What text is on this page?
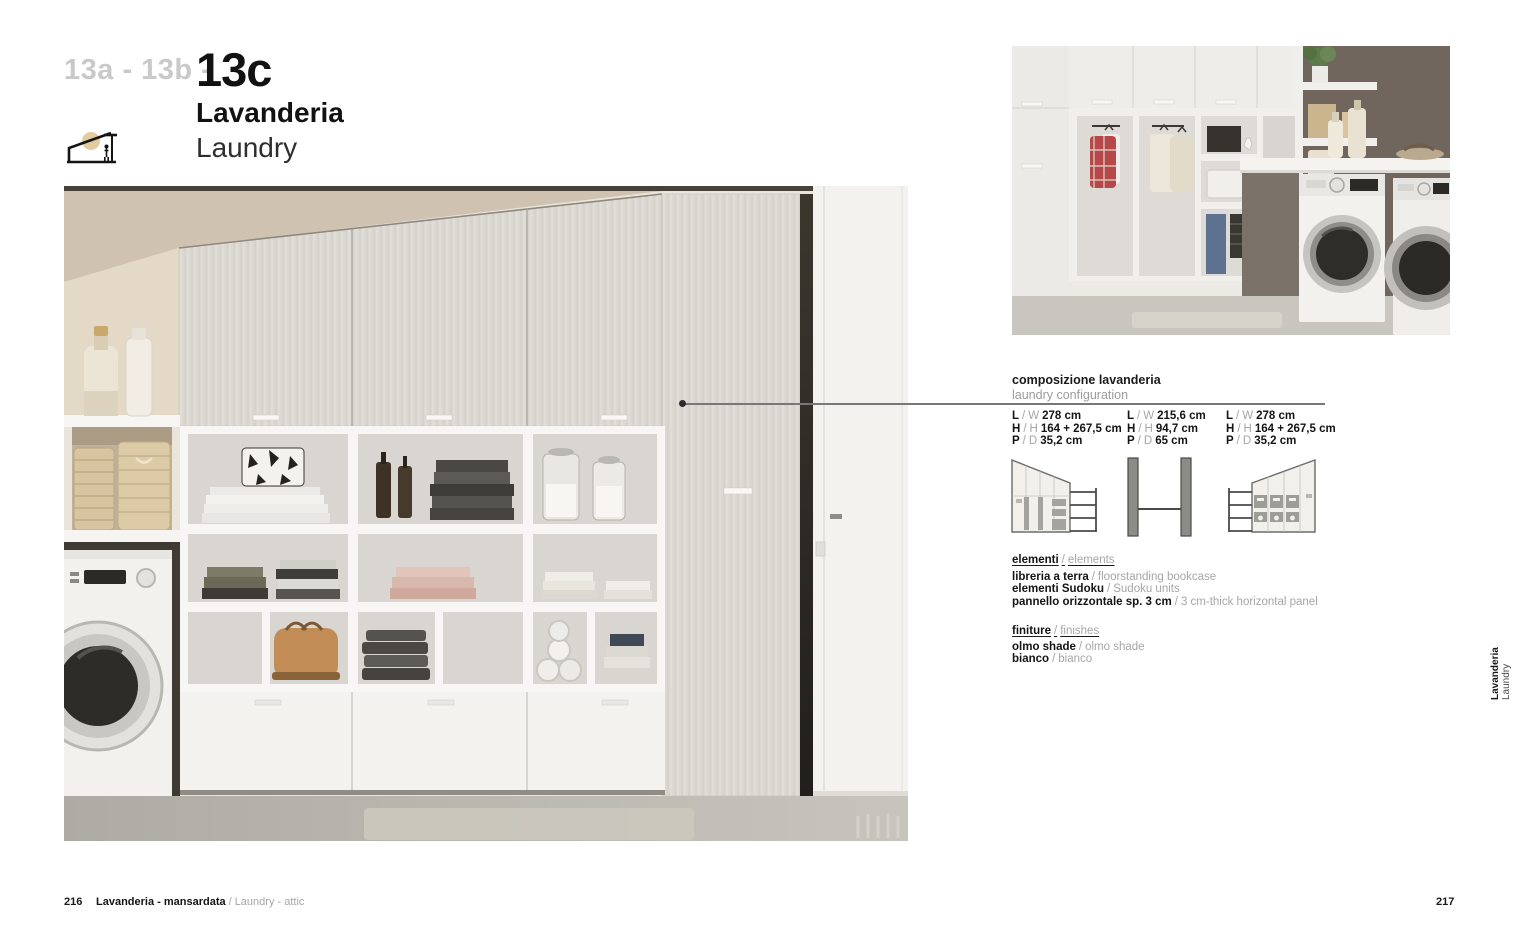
13a - 13b -
13c
Lavanderia
Laundry
composizione lavanderia
laundry configuration
L / W 278 cm
H / H 164 + 267,5 cm
P / D 35,2 cm
L / W 215,6 cm
H / H 94,7 cm
P / D 65 cm
L / W 278 cm
H / H 164 + 267,5 cm
P / D 35,2 cm
elementi / elements
libreria a terra / floorstanding bookcase
elementi Sudoku / Sudoku units
pannello orizzontale sp. 3 cm / 3 cm-thick horizontal panel
finiture / finishes
olmo shade / olmo shade
bianco / bianco	Lavanderia Laundry
216 Lavanderia - mansardata / Laundry - attic	217
